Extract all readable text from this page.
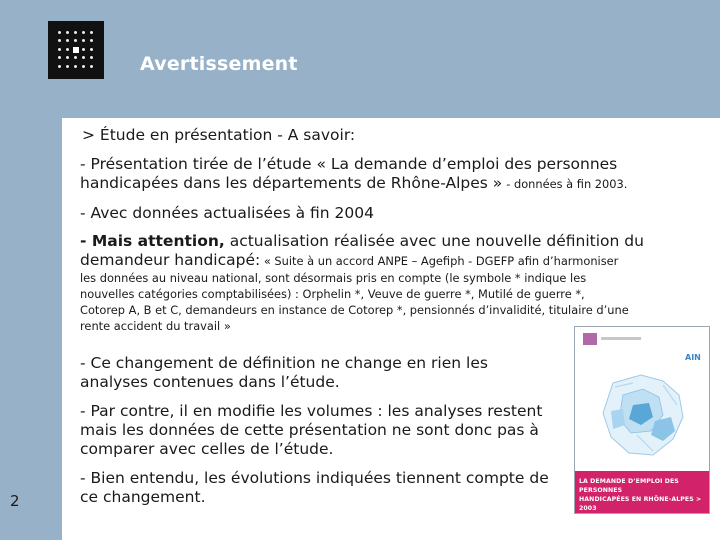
Avertissement
> Étude en présentation - A savoir:
- Présentation tirée de l’étude « La demande d’emploi des personnes
handicapées dans les départements de Rhône-Alpes » - données à fin 2003.
- Avec données actualisées à fin 2004
- Mais attention, actualisation réalisée avec une nouvelle définition du
demandeur handicapé: « Suite à un accord ANPE – Agefiph - DGEFP afin d’harmoniser
les données au niveau national, sont désormais pris en compte (le symbole * indique les
nouvelles catégories comptabilisées) : Orphelin *, Veuve de guerre *, Mutilé de guerre *,
Cotorep A, B et C, demandeurs en instance de Cotorep *, pensionnés d’invalidité, titulaire d’une
rente accident du travail »
- Ce changement de définition ne change en rien les
analyses contenues dans l’étude.
- Par contre, il en modifie les volumes : les analyses restent
mais les données de cette présentation ne sont donc pas à
comparer avec celles de l’étude.
- Bien entendu, les évolutions indiquées tiennent compte de
ce changement.
2
AIN
LA DEMANDE D’EMPLOI DES PERSONNES
HANDICAPÉES EN RHÔNE-ALPES > 2003
